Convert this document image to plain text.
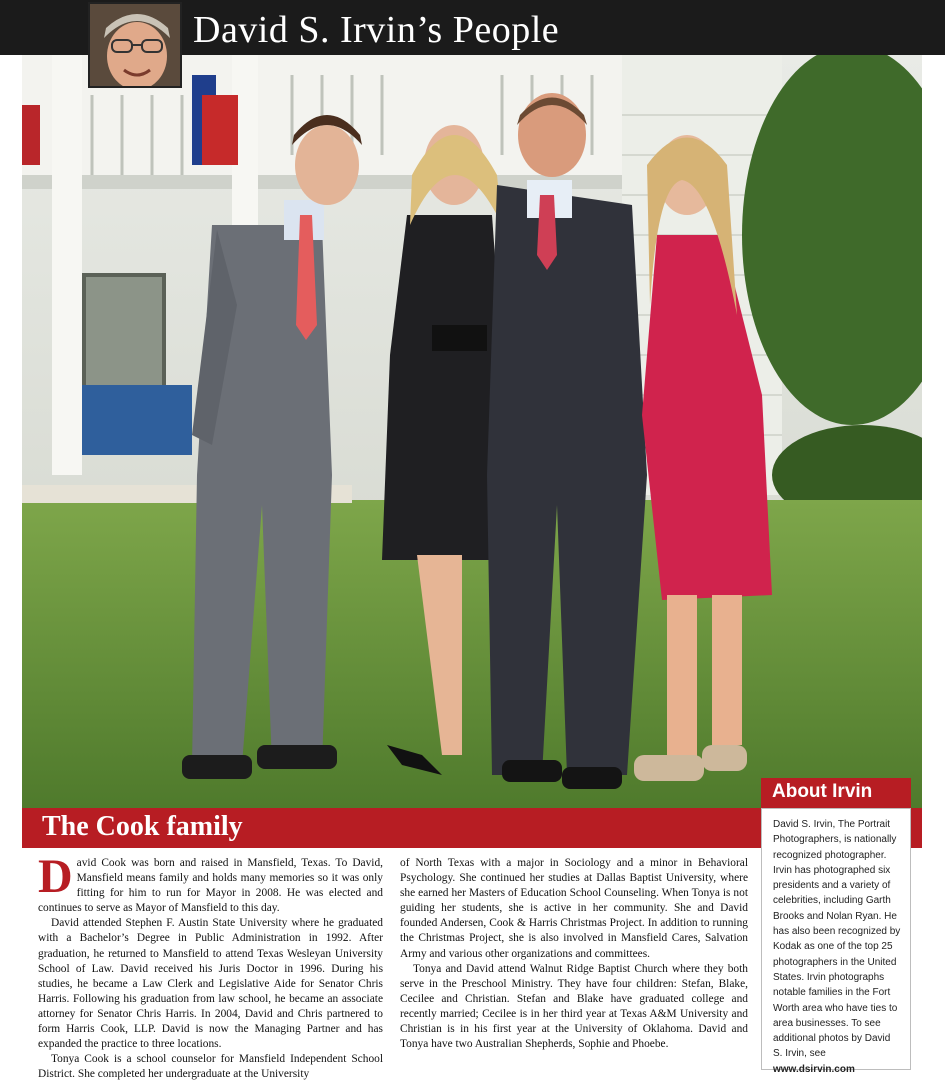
David S. Irvin’s People
The Cook family
About Irvin
David S. Irvin, The Portrait Photographers, is nationally recognized photographer. Irvin has photographed six presidents and a variety of celebrities, including Garth Brooks and Nolan Ryan. He has also been recognized by Kodak as one of the top 25 photographers in the United States. Irvin photographs notable families in the Fort Worth area who have ties to area businesses. To see additional photos by David S. Irvin, see www.dsirvin.com

David Cook was born and raised in Mansfield, Texas. To David, Mansfield means family and holds many memories so it was only fitting for him to run for Mayor in 2008. He was elected and continues to serve as Mayor of Mansfield to this day.

David attended Stephen F. Austin State University where he graduated with a Bachelor’s Degree in Public Administration in 1992. After graduation, he returned to Mansfield to attend Texas Wesleyan University School of Law. David received his Juris Doctor in 1996. During his studies, he became a Law Clerk and Legislative Aide for Senator Chris Harris. Following his graduation from law school, he became an associate attorney for Senator Chris Harris. In 2004, David and Chris partnered to form Harris Cook, LLP. David is now the Managing Partner and has expanded the practice to three locations.

Tonya Cook is a school counselor for Mansfield Independent School District. She completed her undergraduate at the University

of North Texas with a major in Sociology and a minor in Behavioral Psychology. She continued her studies at Dallas Baptist University, where she earned her Masters of Education School Counseling. When Tonya is not guiding her students, she is active in her community. She and David founded Andersen, Cook & Harris Christmas Project. In addition to running the Christmas Project, she is also involved in Mansfield Cares, Salvation Army and various other organizations and committees.

Tonya and David attend Walnut Ridge Baptist Church where they both serve in the Preschool Ministry. They have four children: Stefan, Blake, Cecilee and Christian. Stefan and Blake have graduated college and recently married; Cecilee is in her third year at Texas A&M University and Christian is in his first year at the University of Oklahoma. David and Tonya have two Australian Shepherds, Sophie and Phoebe.
